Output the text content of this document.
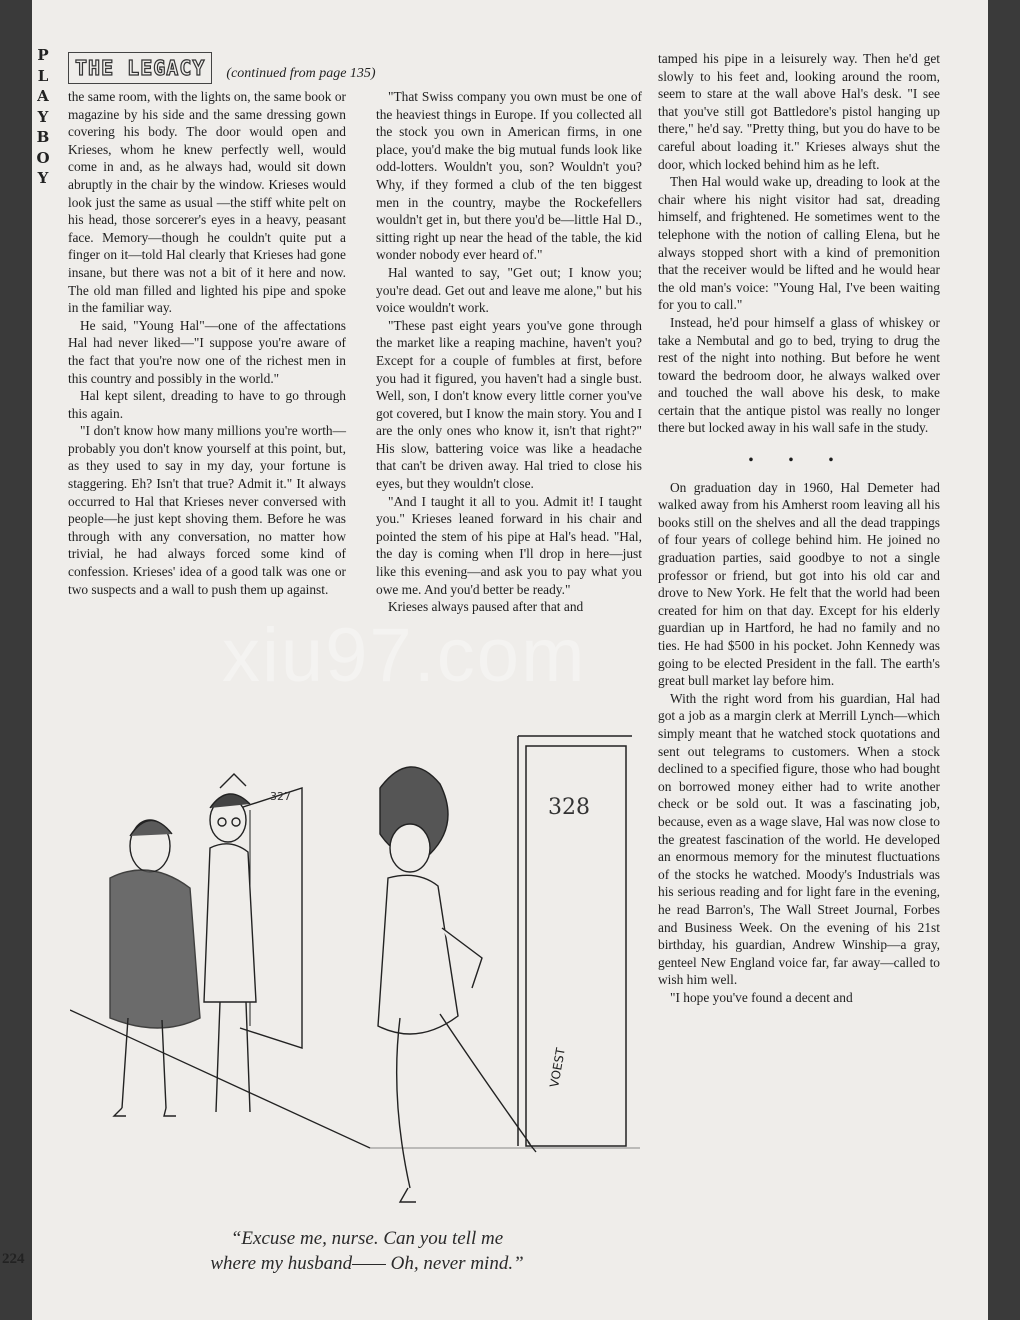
P
L
A
Y
B
O
Y
THE LEGACY	(continued from page 135)

the same room, with the lights on, the same book or magazine by his side and the same dressing gown covering his body. The door would open and Krieses, whom he knew perfectly well, would come in and, as he always had, would sit down abruptly in the chair by the window. Krieses would look just the same as usual —the stiff white pelt on his head, those sorcerer's eyes in a heavy, peasant face. Memory—though he couldn't quite put a finger on it—told Hal clearly that Krieses had gone insane, but there was not a bit of it here and now. The old man filled and lighted his pipe and spoke in the familiar way.

He said, "Young Hal"—one of the affectations Hal had never liked—"I suppose you're aware of the fact that you're now one of the richest men in this country and possibly in the world."

Hal kept silent, dreading to have to go through this again.

"I don't know how many millions you're worth—probably you don't know yourself at this point, but, as they used to say in my day, your fortune is staggering. Eh? Isn't that true? Admit it." It always occurred to Hal that Krieses never conversed with people—he just kept shoving them. Before he was through with any conversation, no matter how trivial, he had always forced some kind of confession. Krieses' idea of a good talk was one or two suspects and a wall to push them up against.

"That Swiss company you own must be one of the heaviest things in Europe. If you collected all the stock you own in American firms, in one place, you'd make the big mutual funds look like odd-lotters. Wouldn't you, son? Wouldn't you? Why, if they formed a club of the ten biggest men in the country, maybe the Rockefellers wouldn't get in, but there you'd be—little Hal D., sitting right up near the head of the table, the kid wonder nobody ever heard of."

Hal wanted to say, "Get out; I know you; you're dead. Get out and leave me alone," but his voice wouldn't work.

"These past eight years you've gone through the market like a reaping machine, haven't you? Except for a couple of fumbles at first, before you had it figured, you haven't had a single bust. Well, son, I don't know every little corner you've got covered, but I know the main story. You and I are the only ones who know it, isn't that right?" His slow, battering voice was like a headache that can't be driven away. Hal tried to close his eyes, but they wouldn't close.

"And I taught it all to you. Admit it! I taught you." Krieses leaned forward in his chair and pointed the stem of his pipe at Hal's head. "Hal, the day is coming when I'll drop in here—just like this evening—and ask you to pay what you owe me. And you'd better be ready."

Krieses always paused after that and

tamped his pipe in a leisurely way. Then he'd get slowly to his feet and, looking around the room, seem to stare at the wall above Hal's desk. "I see that you've still got Battledore's pistol hanging up there," he'd say. "Pretty thing, but you do have to be careful about loading it." Krieses always shut the door, which locked behind him as he left.

Then Hal would wake up, dreading to look at the chair where his night visitor had sat, dreading himself, and frightened. He sometimes went to the telephone with the notion of calling Elena, but he always stopped short with a kind of premonition that the receiver would be lifted and he would hear the old man's voice: "Young Hal, I've been waiting for you to call."

Instead, he'd pour himself a glass of whiskey or take a Nembutal and go to bed, trying to drug the rest of the night into nothing. But before he went toward the bedroom door, he always walked over and touched the wall above his desk, to make certain that the antique pistol was really no longer there but locked away in his wall safe in the study.

• • •

On graduation day in 1960, Hal Demeter had walked away from his Amherst room leaving all his books still on the shelves and all the dead trappings of four years of college behind him. He joined no graduation parties, said goodbye to not a single professor or friend, but got into his old car and drove to New York. He felt that the world had been created for him on that day. Except for his elderly guardian up in Hartford, he had no family and no ties. He had $500 in his pocket. John Kennedy was going to be elected President in the fall. The earth's great bull market lay before him.

With the right word from his guardian, Hal had got a job as a margin clerk at Merrill Lynch—which simply meant that he watched stock quotations and sent out telegrams to customers. When a stock declined to a specified figure, those who had bought on borrowed money either had to write another check or be sold out. It was a fascinating job, because, even as a wage slave, Hal was now close to the greatest fascination of the world. He developed an enormous memory for the minutest fluctuations of the stocks he watched. Moody's Industrials was his serious reading and for light fare in the evening, he read Barron's, The Wall Street Journal, Forbes and Business Week. On the evening of his 21st birthday, his guardian, Andrew Winship—a gray, genteel New England voice far, far away—called to wish him well.

"I hope you've found a decent and

327	328
VOEST
“Excuse me, nurse. Can you tell me
where my husband—— Oh, never mind.”
xiu97.com
224
